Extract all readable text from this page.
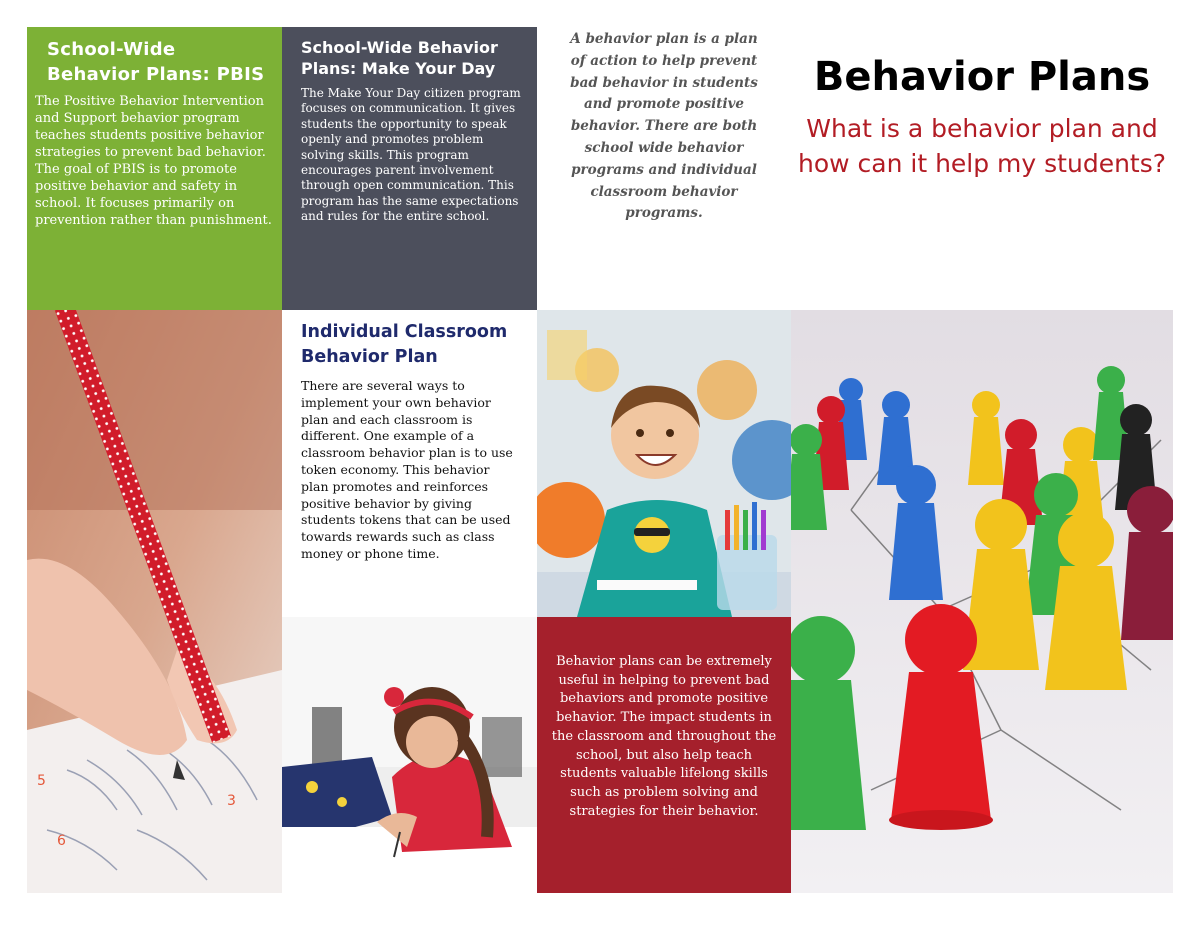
School-Wide Behavior Plans: PBIS

The Positive Behavior Intervention and Support behavior program teaches students positive behavior strategies to prevent bad behavior. The goal of PBIS is to promote positive behavior and safety in school. It focuses primarily on prevention rather than punishment.

School-Wide Behavior Plans: Make Your Day

The Make Your Day citizen program focuses on communication. It gives students the opportunity to speak openly and promotes problem solving skills. This program encourages parent involvement through open communication. This program has the same expectations and rules for the entire school.

A behavior plan is a plan of action to help prevent bad behavior in students and promote positive behavior. There are both school wide behavior programs and individual classroom behavior programs.

Behavior Plans

What is a behavior plan and how can it help my students?

5
6
3
Individual Classroom Behavior Plan

There are several ways to implement your own behavior plan and each classroom is different. One example of a classroom behavior plan is to use token economy. This behavior plan promotes and reinforces positive behavior by giving students tokens that can be used towards rewards such as class money or phone time.

Behavior plans can be extremely useful in helping to prevent bad behaviors and promote positive behavior. The impact students in the classroom and throughout the school, but also help teach students valuable lifelong skills such as problem solving and strategies for their behavior.
